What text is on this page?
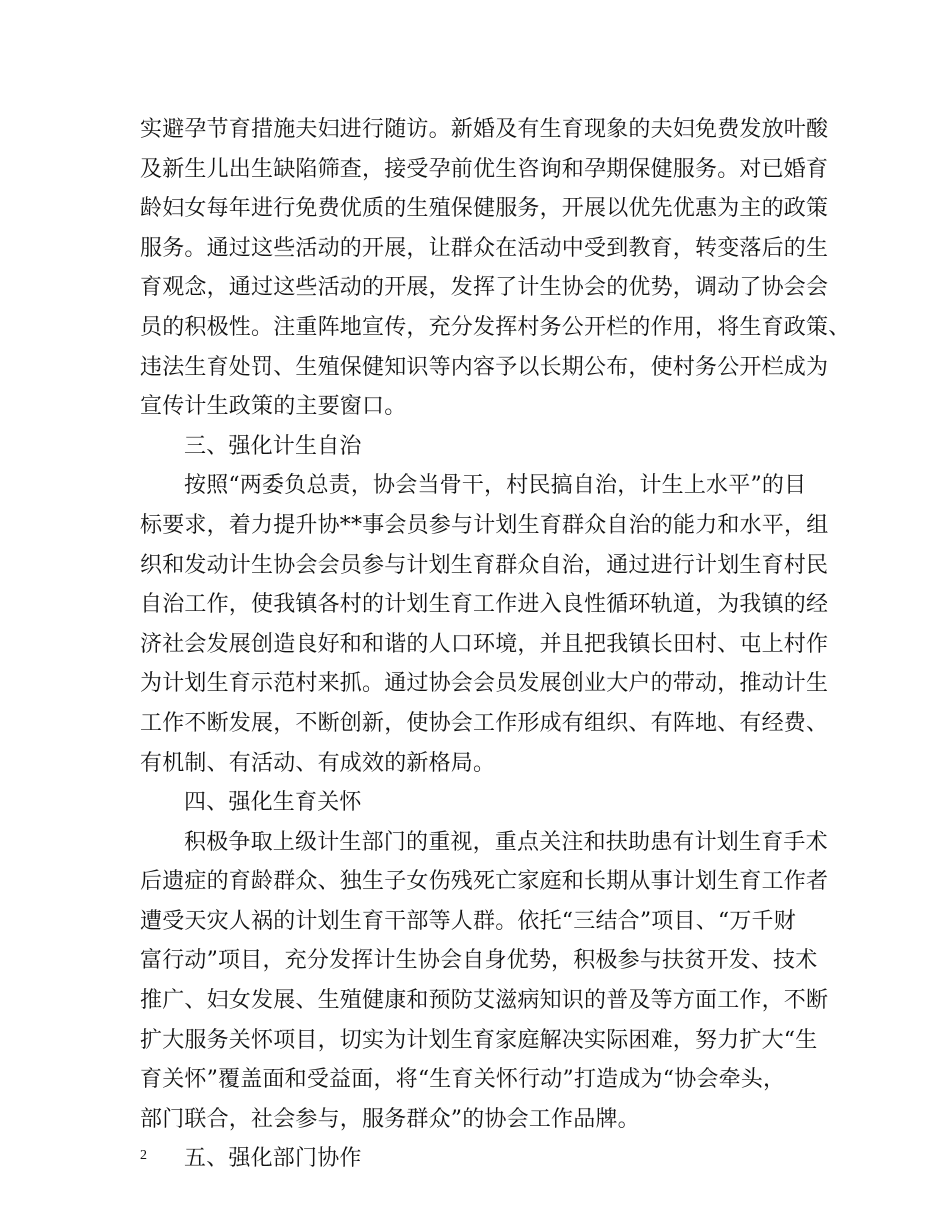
实避孕节育措施夫妇进行随访。新婚及有生育现象的夫妇免费发放叶酸
及新生儿出生缺陷筛查，接受孕前优生咨询和孕期保健服务。对已婚育
龄妇女每年进行免费优质的生殖保健服务，开展以优先优惠为主的政策
服务。通过这些活动的开展，让群众在活动中受到教育，转变落后的生
育观念，通过这些活动的开展，发挥了计生协会的优势，调动了协会会
员的积极性。注重阵地宣传，充分发挥村务公开栏的作用，将生育政策、
违法生育处罚、生殖保健知识等内容予以长期公布，使村务公开栏成为
宣传计生政策的主要窗口。
三、强化计生自治
按照“两委负总责，协会当骨干，村民搞自治，计生上水平”的目
标要求，着力提升协**事会员参与计划生育群众自治的能力和水平，组
织和发动计生协会会员参与计划生育群众自治，通过进行计划生育村民
自治工作，使我镇各村的计划生育工作进入良性循环轨道，为我镇的经
济社会发展创造良好和和谐的人口环境，并且把我镇长田村、屯上村作
为计划生育示范村来抓。通过协会会员发展创业大户的带动，推动计生
工作不断发展，不断创新，使协会工作形成有组织、有阵地、有经费、
有机制、有活动、有成效的新格局。
四、强化生育关怀
积极争取上级计生部门的重视，重点关注和扶助患有计划生育手术
后遗症的育龄群众、独生子女伤残死亡家庭和长期从事计划生育工作者
遭受天灾人祸的计划生育干部等人群。依托“三结合”项目、“万千财
富行动”项目，充分发挥计生协会自身优势，积极参与扶贫开发、技术
推广、妇女发展、生殖健康和预防艾滋病知识的普及等方面工作，不断
扩大服务关怀项目，切实为计划生育家庭解决实际困难，努力扩大“生
育关怀”覆盖面和受益面，将“生育关怀行动”打造成为“协会牵头，
部门联合，社会参与，服务群众”的协会工作品牌。
五、强化部门协作
2
